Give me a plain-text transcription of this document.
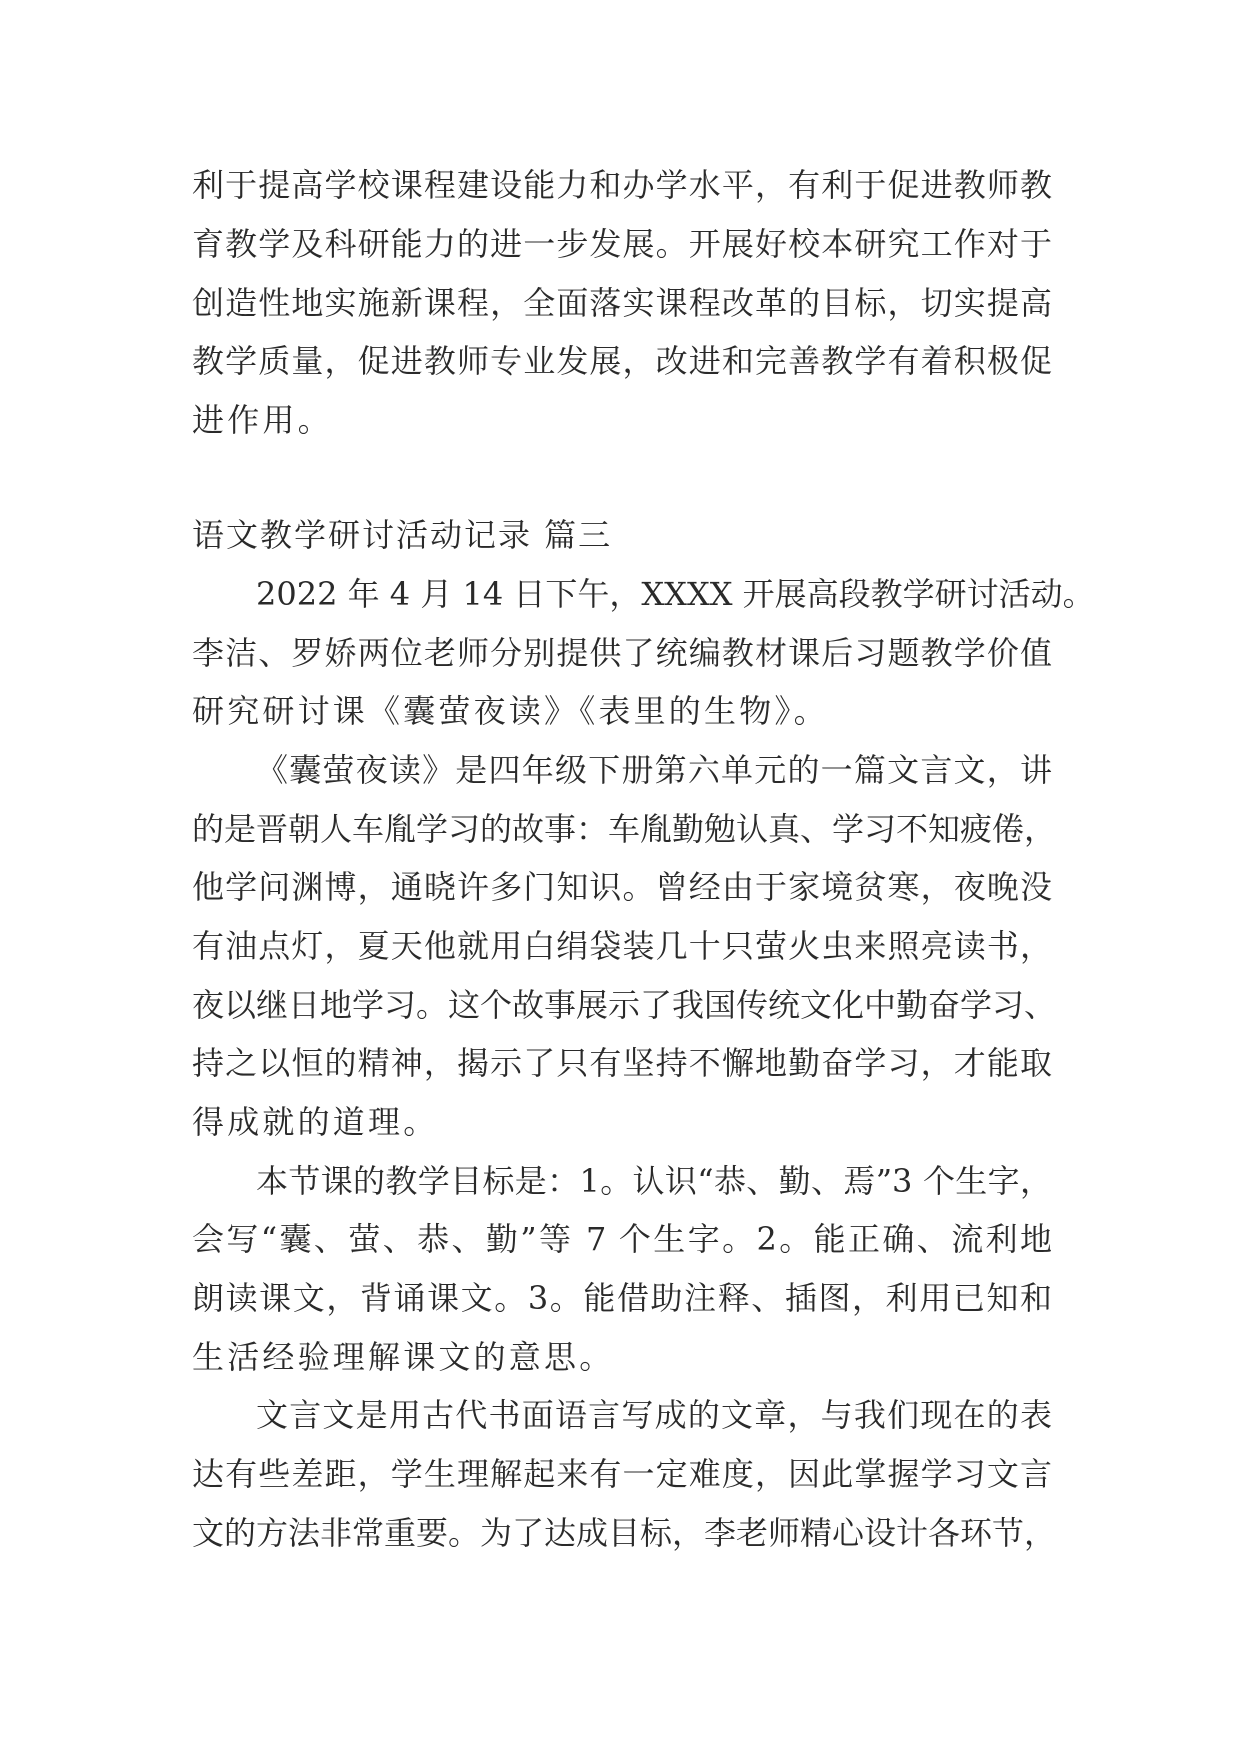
利于提高学校课程建设能力和办学水平，有利于促进教师教
育教学及科研能力的进一步发展。开展好校本研究工作对于
创造性地实施新课程，全面落实课程改革的目标，切实提高
教学质量，促进教师专业发展，改进和完善教学有着积极促
进作用。
语文教学研讨活动记录 篇三
2022 年 4 月 14 日下午，XXXX 开展高段教学研讨活动。
李洁、罗娇两位老师分别提供了统编教材课后习题教学价值
研究研讨课《囊萤夜读》《表里的生物》。
《囊萤夜读》是四年级下册第六单元的一篇文言文，讲
的是晋朝人车胤学习的故事：车胤勤勉认真、学习不知疲倦，
他学问渊博，通晓许多门知识。曾经由于家境贫寒，夜晚没
有油点灯，夏天他就用白绢袋装几十只萤火虫来照亮读书，
夜以继日地学习。这个故事展示了我国传统文化中勤奋学习、
持之以恒的精神，揭示了只有坚持不懈地勤奋学习，才能取
得成就的道理。
本节课的教学目标是：1。认识“恭、勤、焉”3 个生字，
会写“囊、萤、恭、勤”等 7 个生字。2。能正确、流利地
朗读课文，背诵课文。3。能借助注释、插图，利用已知和
生活经验理解课文的意思。
文言文是用古代书面语言写成的文章，与我们现在的表
达有些差距，学生理解起来有一定难度，因此掌握学习文言
文的方法非常重要。为了达成目标，李老师精心设计各环节，
